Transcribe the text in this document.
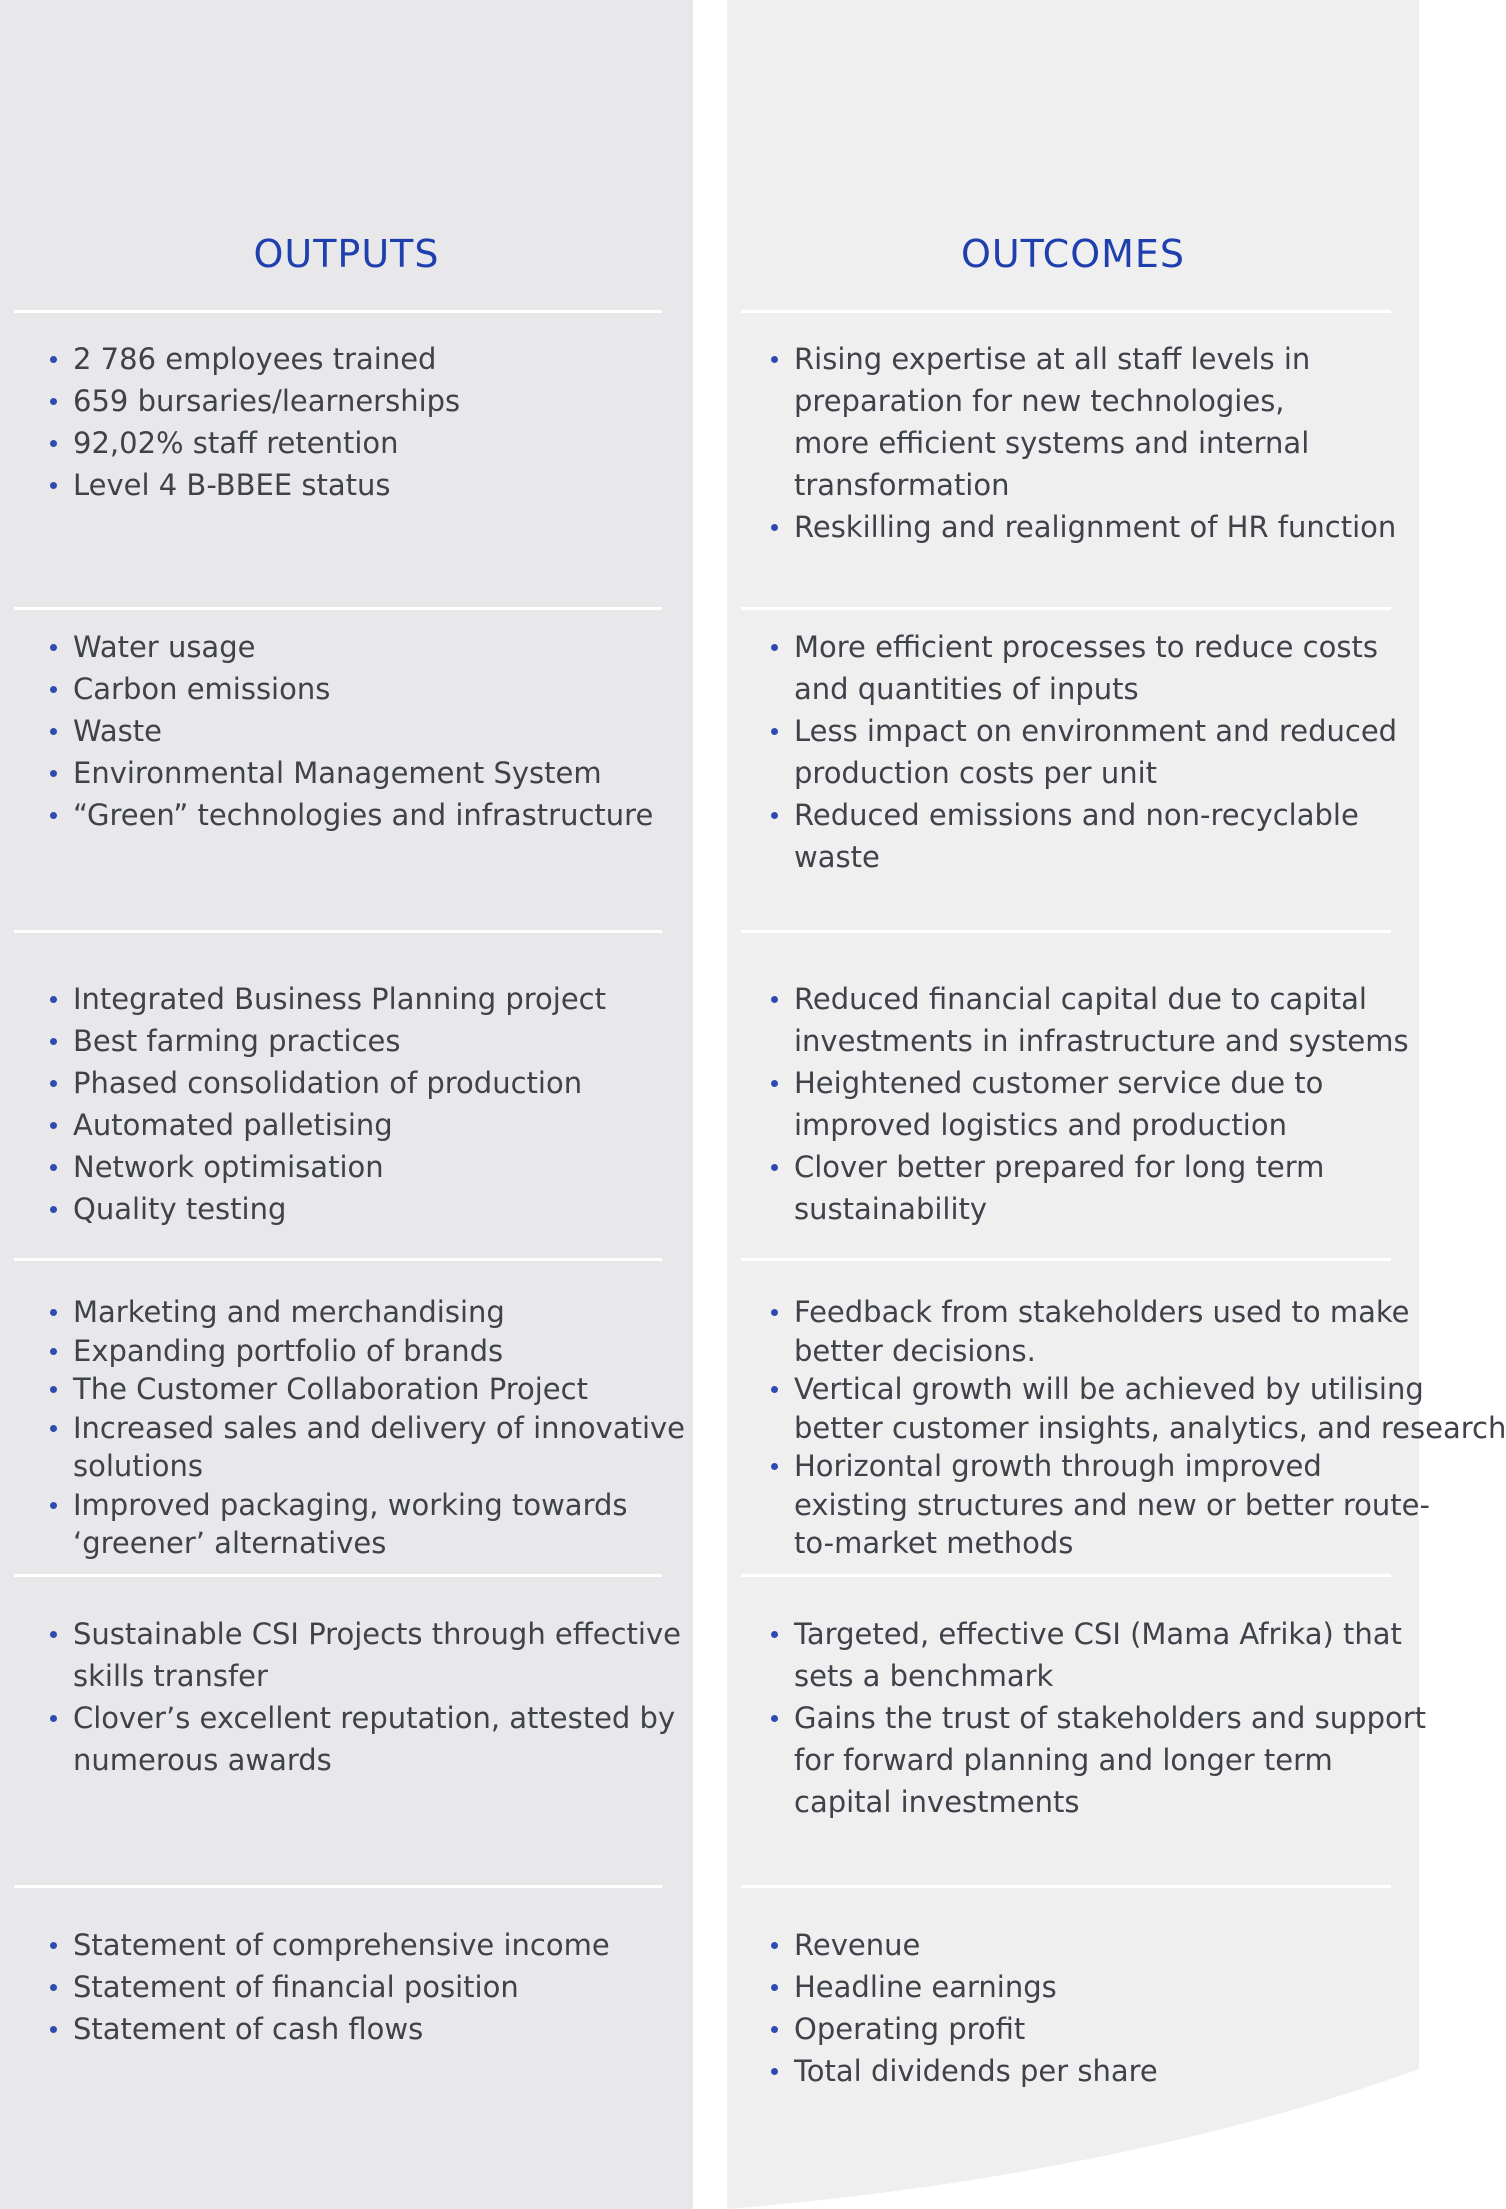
OUTPUTS
2 786 employees trained
659 bursaries/learnerships
92,02% staff retention
Level 4 B-BBEE status
Water usage
Carbon emissions
Waste
Environmental Management System
“Green” technologies and infrastructure
Integrated Business Planning project
Best farming practices
Phased consolidation of production
Automated palletising
Network optimisation
Quality testing
Marketing and merchandising
Expanding portfolio of brands
The Customer Collaboration Project
Increased sales and delivery of innovative
solutions
Improved packaging, working towards
‘greener’ alternatives
Sustainable CSI Projects through effective
skills transfer
Clover’s excellent reputation, attested by
numerous awards
Statement of comprehensive income
Statement of financial position
Statement of cash flows
OUTCOMES
Rising expertise at all staff levels in
preparation for new technologies,
more efficient systems and internal
transformation
Reskilling and realignment of HR function
More efficient processes to reduce costs
and quantities of inputs
Less impact on environment and reduced
production costs per unit
Reduced emissions and non-recyclable
waste
Reduced financial capital due to capital
investments in infrastructure and systems
Heightened customer service due to
improved logistics and production
Clover better prepared for long term
sustainability
Feedback from stakeholders used to make
better decisions.
Vertical growth will be achieved by utilising
better customer insights, analytics, and research
Horizontal growth through improved
existing structures and new or better route-
to-market methods
Targeted, effective CSI (Mama Afrika) that
sets a benchmark
Gains the trust of stakeholders and support
for forward planning and longer term
capital investments
Revenue
Headline earnings
Operating profit
Total dividends per share
